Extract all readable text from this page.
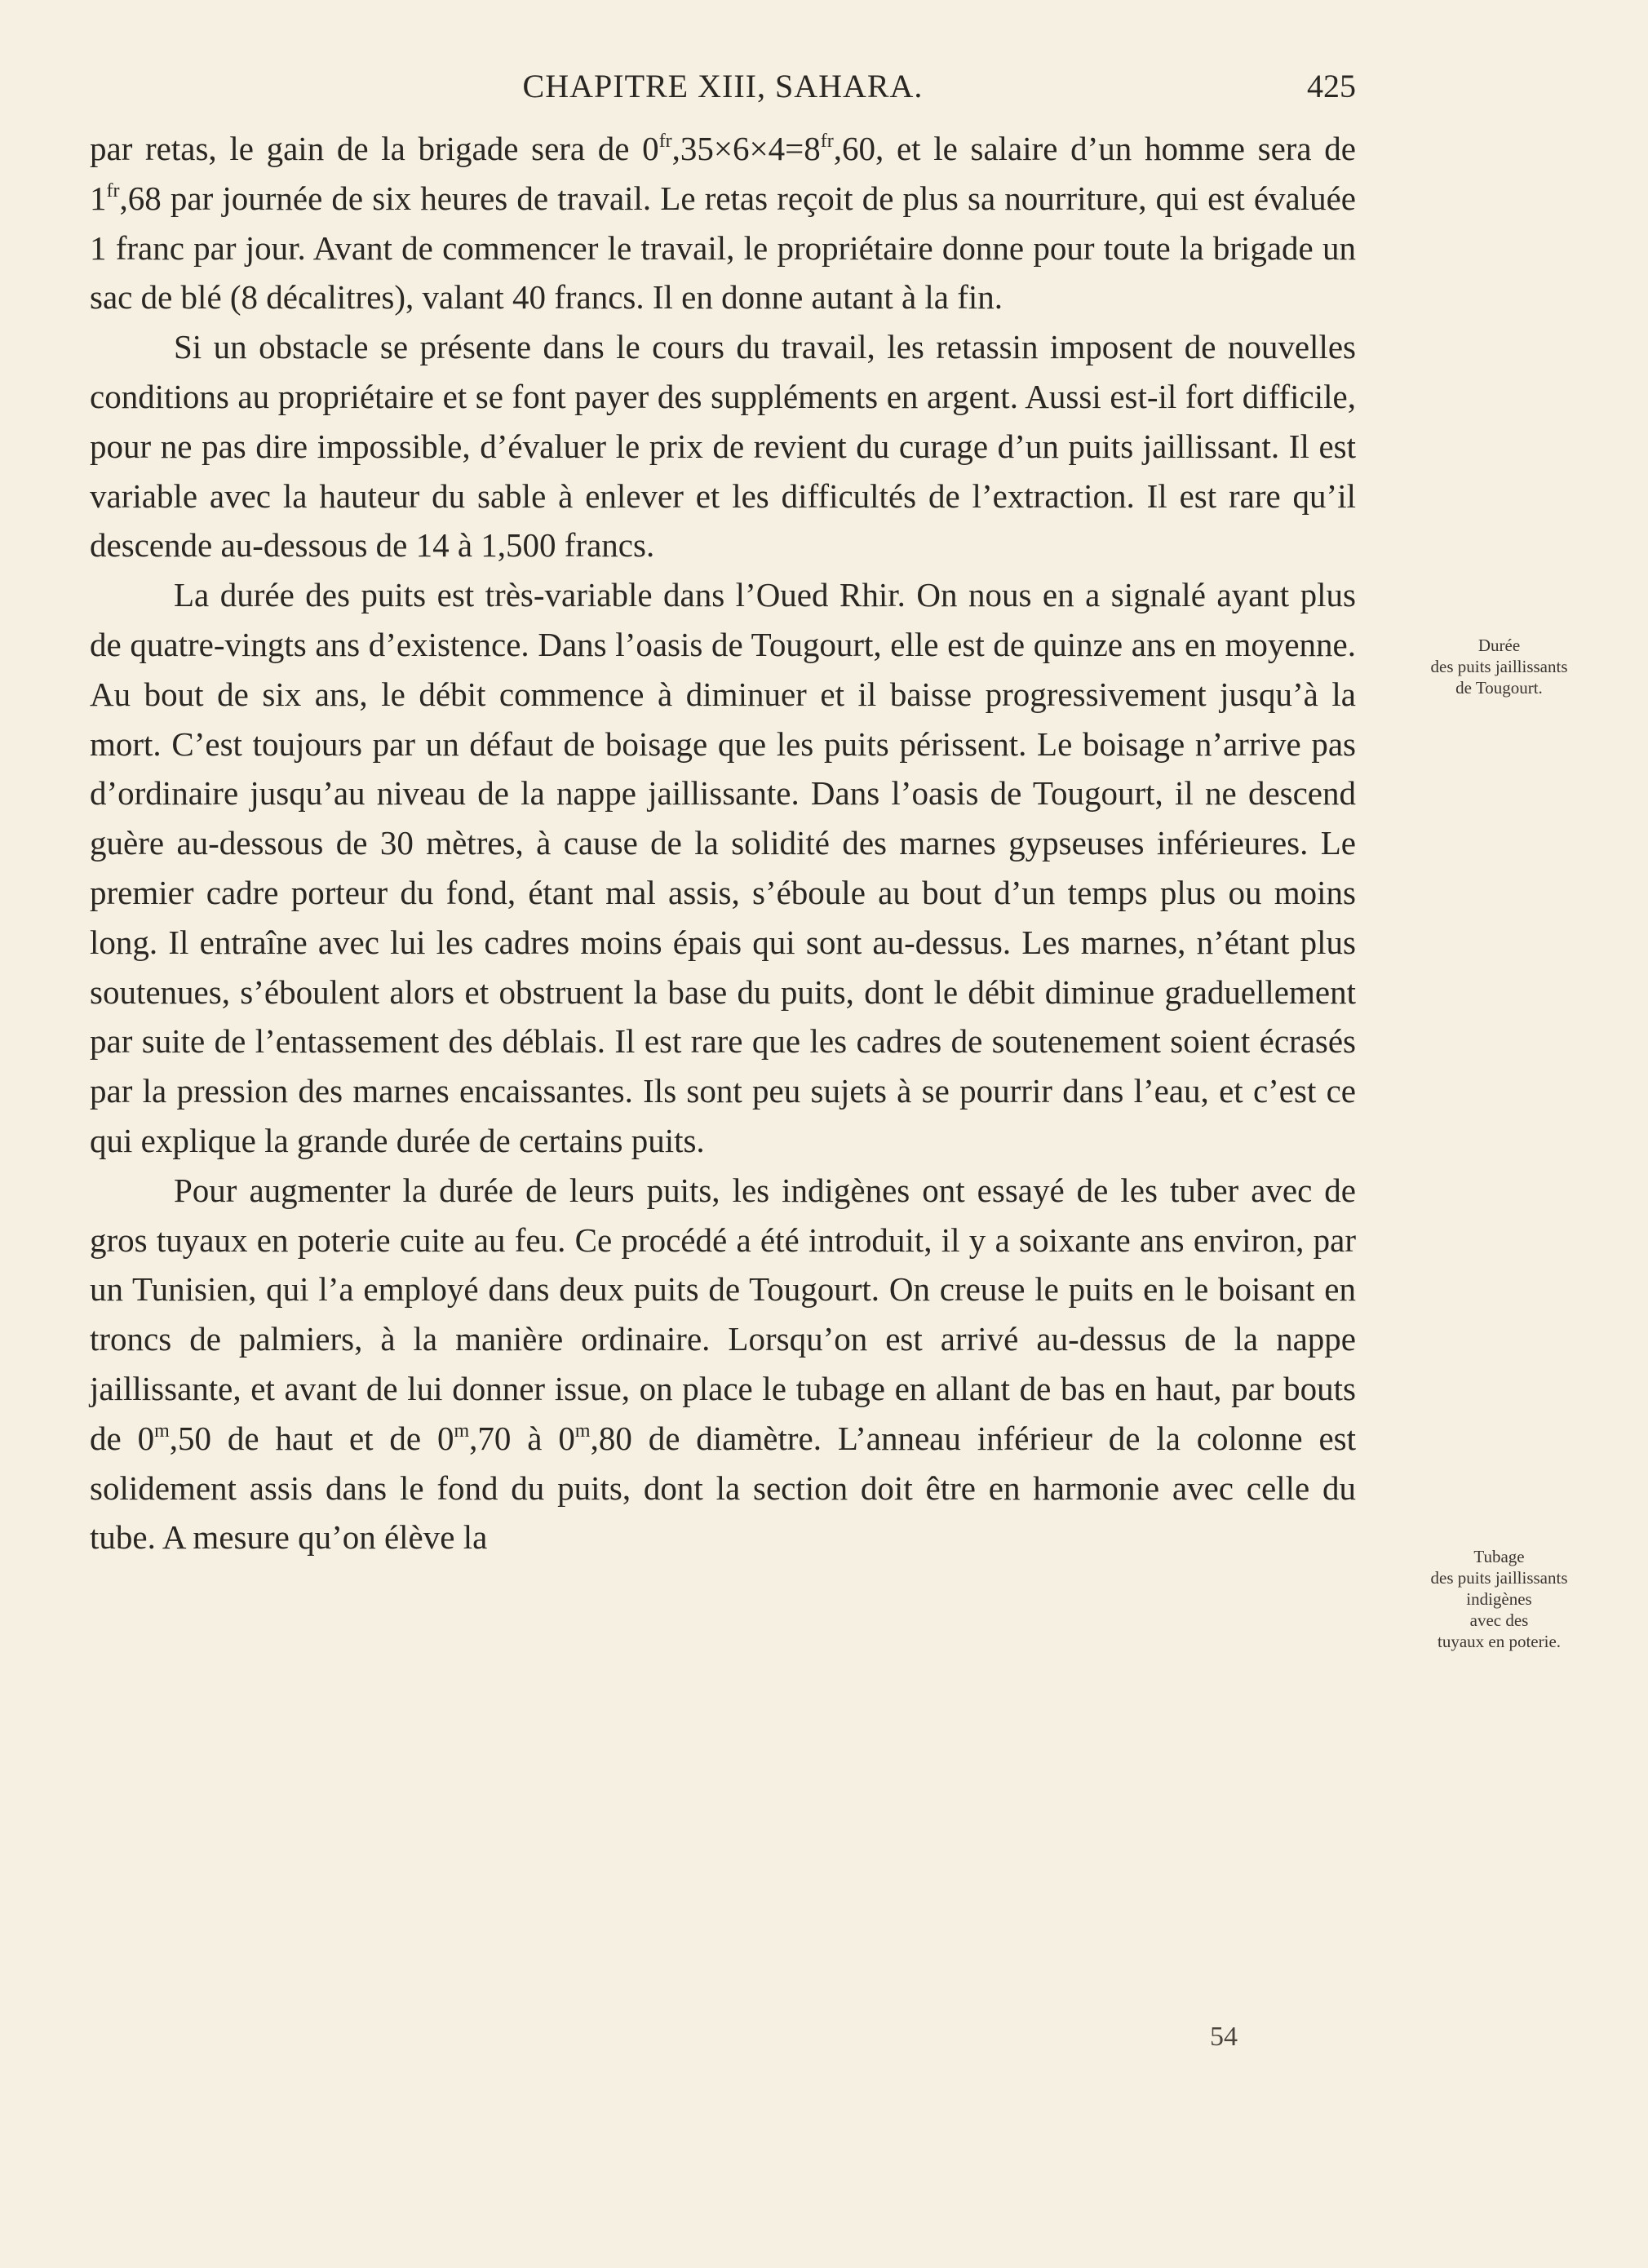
CHAPITRE XIII, SAHARA.	425

par retas, le gain de la brigade sera de $0^{fr},35\times 6\times 4=8^{fr},60$, et le salaire d’un homme sera de $1^{fr},68$ par journée de six heures de travail. Le retas reçoit de plus sa nourriture, qui est évaluée 1 franc par jour. Avant de commencer le travail, le propriétaire donne pour toute la brigade un sac de blé (8 décalitres), valant 40 francs. Il en donne autant à la fin.

Si un obstacle se présente dans le cours du travail, les retassin imposent de nouvelles conditions au propriétaire et se font payer des suppléments en argent. Aussi est-il fort difficile, pour ne pas dire impossible, d’évaluer le prix de revient du curage d’un puits jaillissant. Il est variable avec la hauteur du sable à enlever et les difficultés de l’extraction. Il est rare qu’il descende au-dessous de 14 à 1,500 francs.

La durée des puits est très-variable dans l’Oued Rhir. On nous en a signalé ayant plus de quatre-vingts ans d’existence. Dans l’oasis de Tougourt, elle est de quinze ans en moyenne. Au bout de six ans, le débit commence à diminuer et il baisse progressivement jusqu’à la mort. C’est toujours par un défaut de boisage que les puits périssent. Le boisage n’arrive pas d’ordinaire jusqu’au niveau de la nappe jaillissante. Dans l’oasis de Tougourt, il ne descend guère au-dessous de 30 mètres, à cause de la solidité des marnes gypseuses inférieures. Le premier cadre porteur du fond, étant mal assis, s’éboule au bout d’un temps plus ou moins long. Il entraîne avec lui les cadres moins épais qui sont au-dessus. Les marnes, n’étant plus soutenues, s’éboulent alors et obstruent la base du puits, dont le débit diminue graduellement par suite de l’entassement des déblais. Il est rare que les cadres de soutenement soient écrasés par la pression des marnes encaissantes. Ils sont peu sujets à se pourrir dans l’eau, et c’est ce qui explique la grande durée de certains puits.

Pour augmenter la durée de leurs puits, les indigènes ont essayé de les tuber avec de gros tuyaux en poterie cuite au feu. Ce procédé a été introduit, il y a soixante ans environ, par un Tunisien, qui l’a employé dans deux puits de Tougourt. On creuse le puits en le boisant en troncs de palmiers, à la manière ordinaire. Lorsqu’on est arrivé au-dessus de la nappe jaillissante, et avant de lui donner issue, on place le tubage en allant de bas en haut, par bouts de 0$^m$,50 de haut et de 0$^m$,70 à 0$^m$,80 de diamètre. L’anneau inférieur de la colonne est solidement assis dans le fond du puits, dont la section doit être en harmonie avec celle du tube. A mesure qu’on élève la

Durée
des puits jaillissants
de Tougourt.
Tubage
des puits jaillissants
indigènes
avec des
tuyaux en poterie.
54
